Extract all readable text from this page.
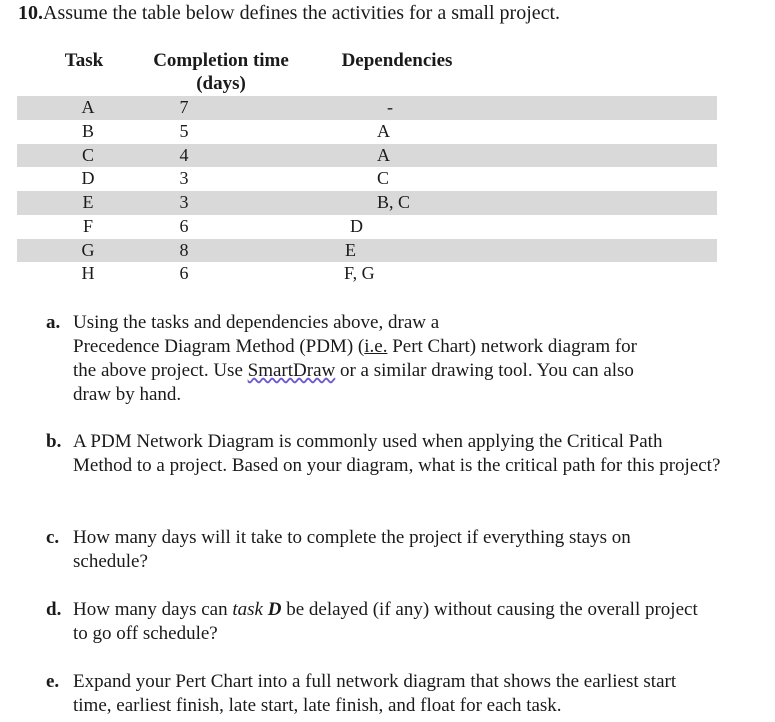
10.Assume the table below defines the activities for a small project.
Task	Completion time
(days)
Dependencies
A	7	-
B	5	A
C	4	A
D	3	C
E	3	B, C
F	6	D
G	8	E
H	6	F, G
a. Using the tasks and dependencies above, draw a
Precedence Diagram Method (PDM) (i.e. Pert Chart) network diagram for
the above project. Use SmartDraw or a similar drawing tool. You can also
draw by hand.
b. A PDM Network Diagram is commonly used when applying the Critical Path Method to a project. Based on your diagram, what is the critical path for this project?
c. How many days will it take to complete the project if everything stays on schedule?
d. How many days can task D be delayed (if any) without causing the overall project to go off schedule?
e. Expand your Pert Chart into a full network diagram that shows the earliest start time, earliest finish, late start, late finish, and float for each task.
